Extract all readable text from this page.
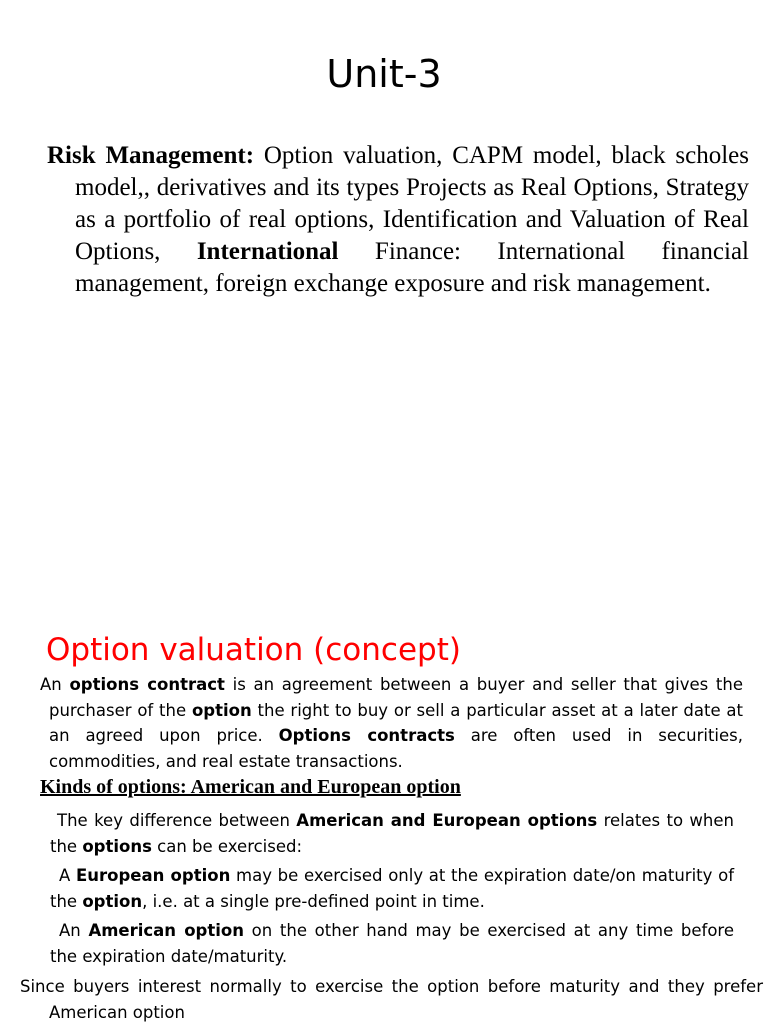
Unit-3

Risk Management: Option valuation, CAPM model, black scholes model,, derivatives and its types Projects as Real Options, Strategy as a portfolio of real options, Identification and Valuation of Real Options, International Finance: International financial management, foreign exchange exposure and risk management.

Option valuation (concept)

An options contract is an agreement between a buyer and seller that gives the purchaser of the option the right to buy or sell a particular asset at a later date at an agreed upon price. Options contracts are often used in securities, commodities, and real estate transactions.

Kinds of options: American and European option

The key difference between American and European options relates to when the options can be exercised:

A European option may be exercised only at the expiration date/on maturity of the option, i.e. at a single pre-defined point in time.

An American option on the other hand may be exercised at any time before the expiration date/maturity.

Since buyers interest normally to exercise the option before maturity and they prefer American option
